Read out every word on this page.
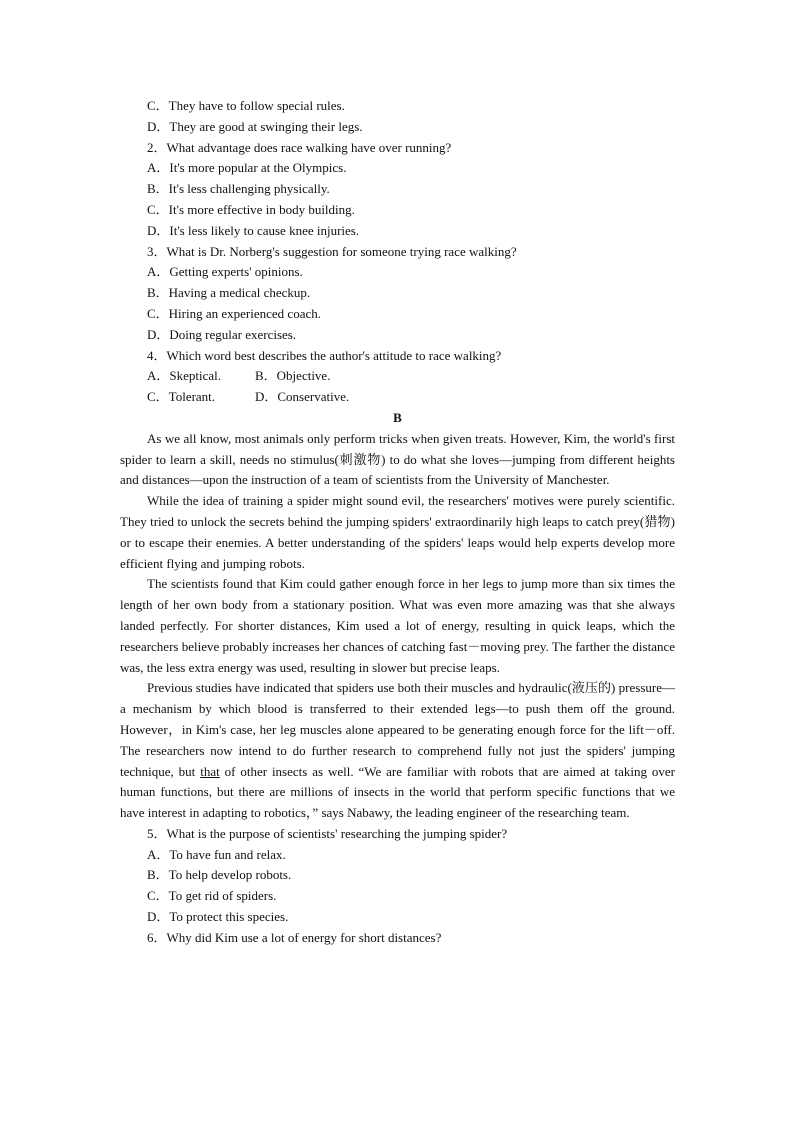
C．They have to follow special rules.

D．They are good at swinging their legs.

2．What advantage does race walking have over running?

A．It's more popular at the Olympics.

B．It's less challenging physically.

C．It's more effective in body building.

D．It's less likely to cause knee injuries.

3．What is Dr. Norberg's suggestion for someone trying race walking?

A．Getting experts' opinions.

B．Having a medical checkup.

C．Hiring an experienced coach.

D．Doing regular exercises.

4．Which word best describes the author's attitude to race walking?

A．Skeptical.	B．Objective.

C．Tolerant.	D．Conservative.

B

As we all know, most animals only perform tricks when given treats. However, Kim, the world's first spider to learn a skill, needs no stimulus(刺激物) to do what she loves—jumping from different heights and distances—upon the instruction of a team of scientists from the University of Manchester.

While the idea of training a spider might sound evil, the researchers' motives were purely scientific. They tried to unlock the secrets behind the jumping spiders' extraordinarily high leaps to catch prey(猎物) or to escape their enemies. A better understanding of the spiders' leaps would help experts develop more efficient flying and jumping robots.

The scientists found that Kim could gather enough force in her legs to jump more than six times the length of her own body from a stationary position. What was even more amazing was that she always landed perfectly. For shorter distances, Kim used a lot of energy, resulting in quick leaps, which the researchers believe probably increases her chances of catching fast－moving prey. The farther the distance was, the less extra energy was used, resulting in slower but precise leaps.

Previous studies have indicated that spiders use both their muscles and hydraulic(液压的) pressure—a mechanism by which blood is transferred to their extended legs—to push them off the ground. However，in Kim's case, her leg muscles alone appeared to be generating enough force for the lift－off. The researchers now intend to do further research to comprehend fully not just the spiders' jumping technique, but that of other insects as well. “We are familiar with robots that are aimed at taking over human functions, but there are millions of insects in the world that perform specific functions that we have interest in adapting to robotics，” says Nabawy, the leading engineer of the researching team.

5．What is the purpose of scientists' researching the jumping spider?

A．To have fun and relax.

B．To help develop robots.

C．To get rid of spiders.

D．To protect this species.

6．Why did Kim use a lot of energy for short distances?
